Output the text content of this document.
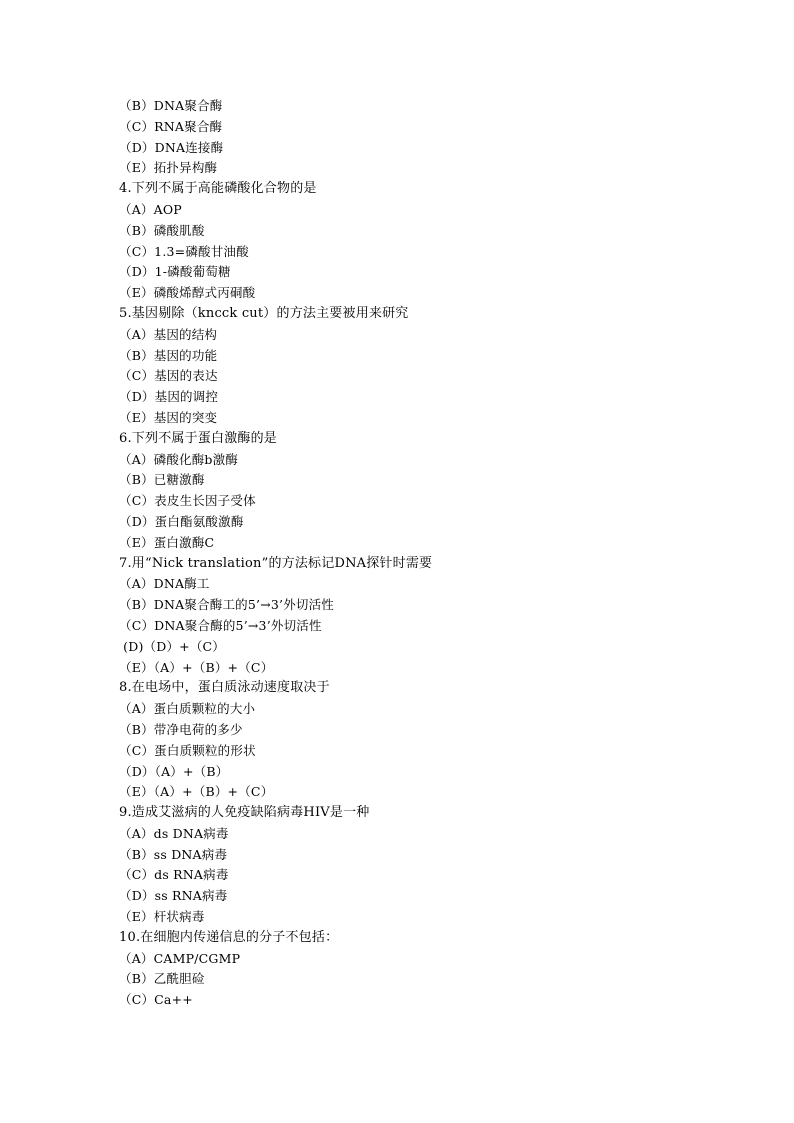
（B）DNA聚合酶
（C）RNA聚合酶
（D）DNA连接酶
（E）拓扑异构酶
4.下列不属于高能磷酸化合物的是
（A）AOP
（B）磷酸肌酸
（C）1.3=磷酸甘油酸
（D）1-磷酸葡萄糖
（E）磷酸烯醇式丙硐酸
5.基因剔除（kncck cut）的方法主要被用来研究
（A）基因的结构
（B）基因的功能
（C）基因的表达
（D）基因的调控
（E）基因的突变
6.下列不属于蛋白激酶的是
（A）磷酸化酶b激酶
（B）已糖激酶
（C）表皮生长因子受体
（D）蛋白酯氨酸激酶
（E）蛋白激酶C
7.用“Nick translation”的方法标记DNA探针时需要
（A）DNA酶工
（B）DNA聚合酶工的5’→3’外切活性
（C）DNA聚合酶的5’→3’外切活性
(D)（D）+（C）
（E）（A）+（B）+（C）
8.在电场中，蛋白质泳动速度取决于
（A）蛋白质颗粒的大小
（B）带净电荷的多少
（C）蛋白质颗粒的形状
（D）（A）+（B）
（E）（A）+（B）+（C）
9.造成艾滋病的人免疫缺陷病毒HIV是一种
（A）ds DNA病毒
（B）ss DNA病毒
（C）ds RNA病毒
（D）ss RNA病毒
（E）杆状病毒
10.在细胞内传递信息的分子不包括：
（A）CAMP/CGMP
（B）乙酰胆硷
（C）Ca++
